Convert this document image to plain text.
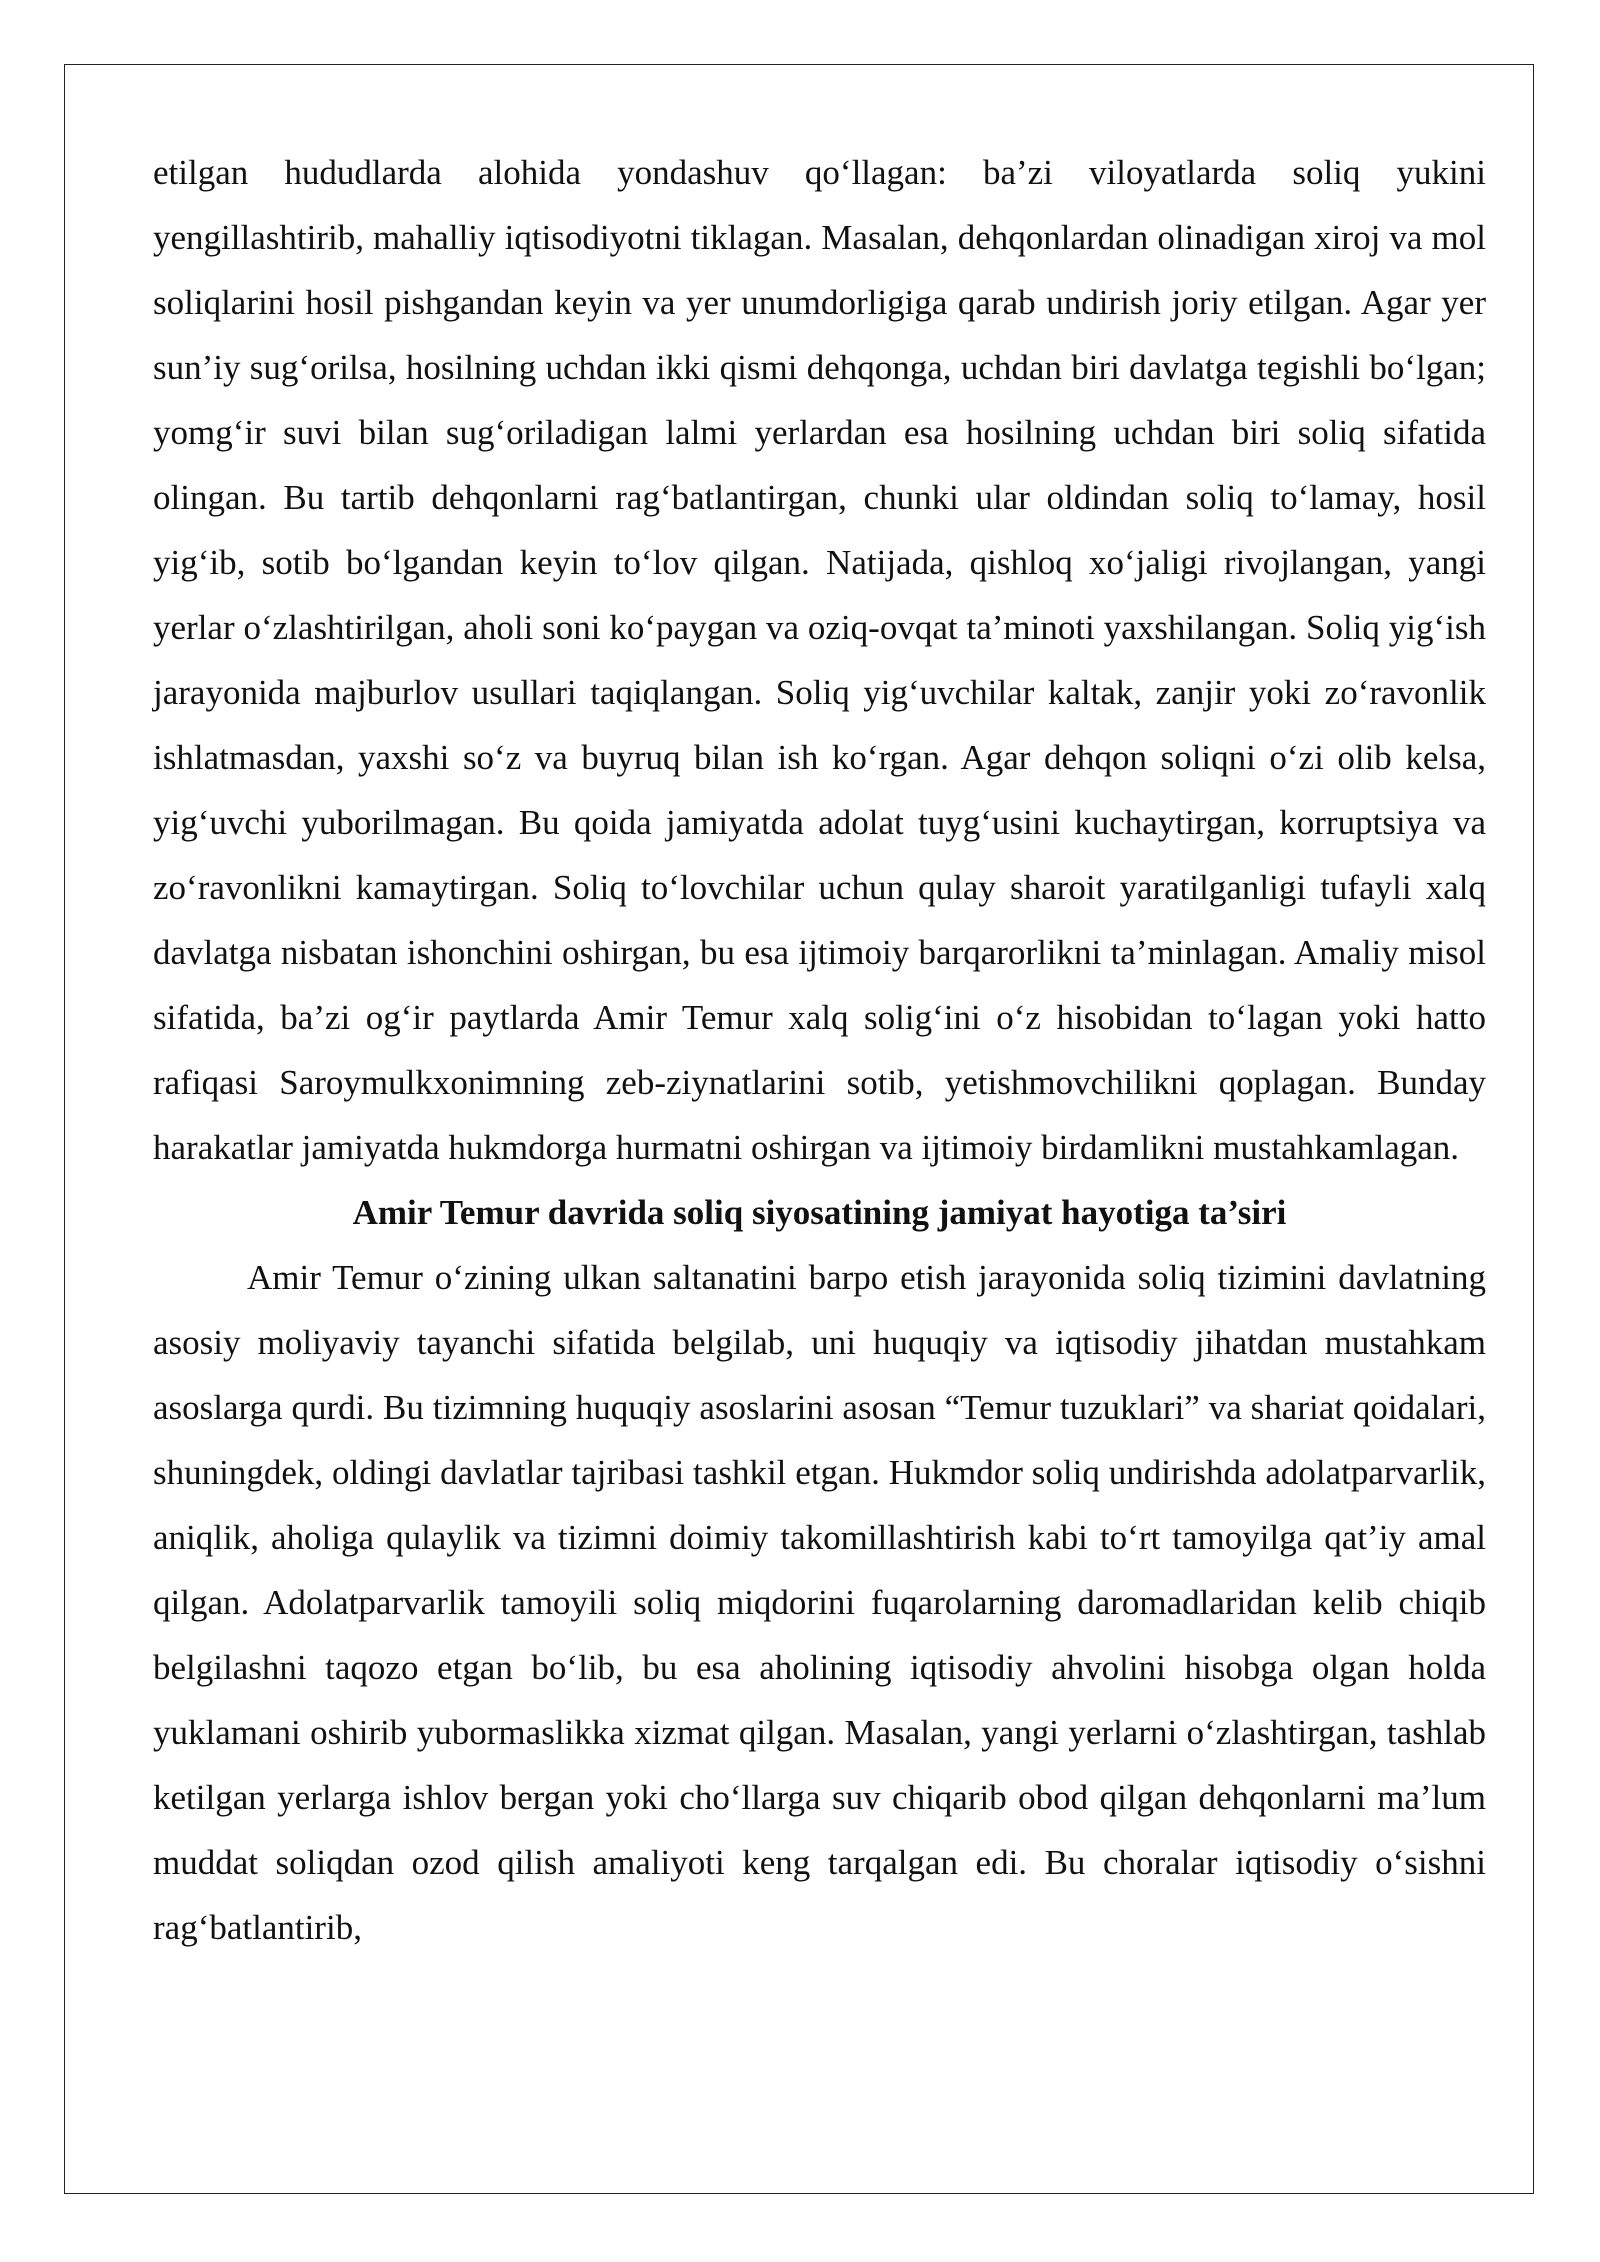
etilgan hududlarda alohida yondashuv qo‘llagan: ba’zi viloyatlarda soliq yukini yengillashtirib, mahalliy iqtisodiyotni tiklagan. Masalan, dehqonlardan olinadigan xiroj va mol soliqlarini hosil pishgandan keyin va yer unumdorligiga qarab undirish joriy etilgan. Agar yer sun’iy sug‘orilsa, hosilning uchdan ikki qismi dehqonga, uchdan biri davlatga tegishli bo‘lgan; yomg‘ir suvi bilan sug‘oriladigan lalmi yerlardan esa hosilning uchdan biri soliq sifatida olingan. Bu tartib dehqonlarni rag‘batlantirgan, chunki ular oldindan soliq to‘lamay, hosil yig‘ib, sotib bo‘lgandan keyin to‘lov qilgan. Natijada, qishloq xo‘jaligi rivojlangan, yangi yerlar o‘zlashtirilgan, aholi soni ko‘paygan va oziq-ovqat ta’minoti yaxshilangan. Soliq yig‘ish jarayonida majburlov usullari taqiqlangan. Soliq yig‘uvchilar kaltak, zanjir yoki zo‘ravonlik ishlatmasdan, yaxshi so‘z va buyruq bilan ish ko‘rgan. Agar dehqon soliqni o‘zi olib kelsa, yig‘uvchi yuborilmagan. Bu qoida jamiyatda adolat tuyg‘usini kuchaytirgan, korruptsiya va zo‘ravonlikni kamaytirgan. Soliq to‘lovchilar uchun qulay sharoit yaratilganligi tufayli xalq davlatga nisbatan ishonchini oshirgan, bu esa ijtimoiy barqarorlikni ta’minlagan. Amaliy misol sifatida, ba’zi og‘ir paytlarda Amir Temur xalq solig‘ini o‘z hisobidan to‘lagan yoki hatto rafiqasi Saroymulkxonimning zeb-ziynatlarini sotib, yetishmovchilikni qoplagan. Bunday harakatlar jamiyatda hukmdorga hurmatni oshirgan va ijtimoiy birdamlikni mustahkamlagan.

Amir Temur davrida soliq siyosatining jamiyat hayotiga ta’siri

Amir Temur o‘zining ulkan saltanatini barpo etish jarayonida soliq tizimini davlatning asosiy moliyaviy tayanchi sifatida belgilab, uni huquqiy va iqtisodiy jihatdan mustahkam asoslarga qurdi. Bu tizimning huquqiy asoslarini asosan “Temur tuzuklari” va shariat qoidalari, shuningdek, oldingi davlatlar tajribasi tashkil etgan. Hukmdor soliq undirishda adolatparvarlik, aniqlik, aholiga qulaylik va tizimni doimiy takomillashtirish kabi to‘rt tamoyilga qat’iy amal qilgan. Adolatparvarlik tamoyili soliq miqdorini fuqarolarning daromadlaridan kelib chiqib belgilashni taqozo etgan bo‘lib, bu esa aholining iqtisodiy ahvolini hisobga olgan holda yuklamani oshirib yubormaslikka xizmat qilgan. Masalan, yangi yerlarni o‘zlashtirgan, tashlab ketilgan yerlarga ishlov bergan yoki cho‘llarga suv chiqarib obod qilgan dehqonlarni ma’lum muddat soliqdan ozod qilish amaliyoti keng tarqalgan edi. Bu choralar iqtisodiy o‘sishni rag‘batlantirib,
